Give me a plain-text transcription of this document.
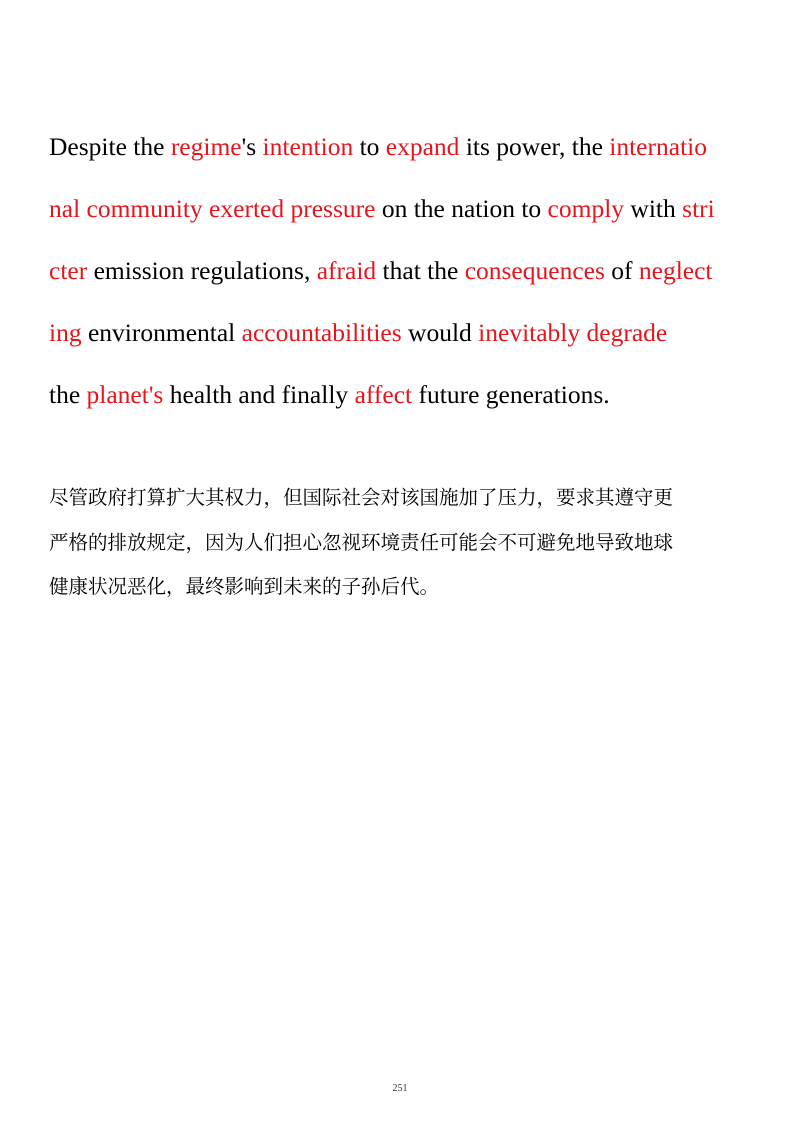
Despite the regime's intention to expand its power, the internatio
nal community exerted pressure on the nation to comply with stri
cter emission regulations, afraid that the consequences of neglect
ing environmental accountabilities would inevitably degrade
the planet's health and finally affect future generations.
尽管政府打算扩大其权力，但国际社会对该国施加了压力，要求其遵守更
严格的排放规定，因为人们担心忽视环境责任可能会不可避免地导致地球
健康状况恶化，最终影响到未来的子孙后代。
251
